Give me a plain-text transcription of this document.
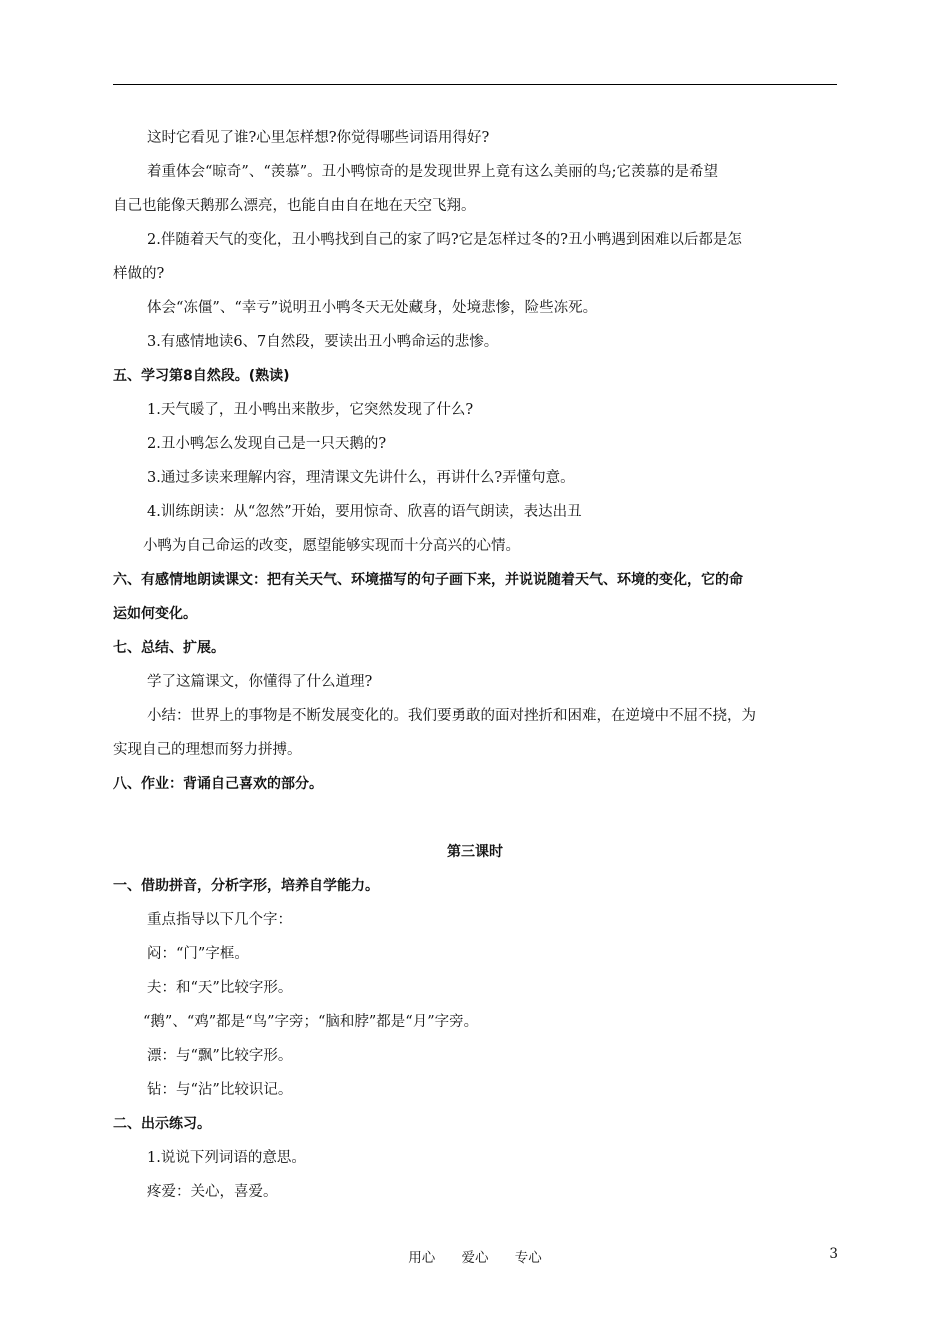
这时它看见了谁?心里怎样想?你觉得哪些词语用得好?
着重体会“晾奇”、“羡慕”。丑小鸭惊奇的是发现世界上竟有这么美丽的鸟;它羡慕的是希望
自己也能像天鹅那么漂亮，也能自由自在地在天空飞翔。
2.伴随着天气的变化，丑小鸭找到自己的家了吗?它是怎样过冬的?丑小鸭遇到困难以后都是怎
样做的?
体会“冻僵”、“幸亏”说明丑小鸭冬天无处藏身，处境悲惨，险些冻死。
3.有感情地读6、7自然段，要读出丑小鸭命运的悲惨。
五、学习第8自然段。(熟读)
1.天气暖了，丑小鸭出来散步，它突然发现了什么?
2.丑小鸭怎么发现自己是一只天鹅的?
3.通过多读来理解内容，理清课文先讲什么，再讲什么?弄懂句意。
4.训练朗读：从“忽然”开始，要用惊奇、欣喜的语气朗读，表达出丑
小鸭为自己命运的改变，愿望能够实现而十分高兴的心情。
六、有感情地朗读课文：把有关天气、环境描写的句子画下来，并说说随着天气、环境的变化，它的命
运如何变化。
七、总结、扩展。
学了这篇课文，你懂得了什么道理?
小结：世界上的事物是不断发展变化的。我们要勇敢的面对挫折和困难，在逆境中不屈不挠，为
实现自己的理想而努力拼搏。
八、作业：背诵自己喜欢的部分。
第三课时
一、借助拼音，分析字形，培养自学能力。
重点指导以下几个字：
闷：“门”字框。
夫：和“天”比较字形。
“鹅”、“鸡”都是“鸟”字旁；“脑和脖”都是“月”字旁。
漂：与“飘”比较字形。
钻：与“沾”比较识记。
二、出示练习。
1.说说下列词语的意思。
疼爱：关心，喜爱。
用心 爱心 专心	3
